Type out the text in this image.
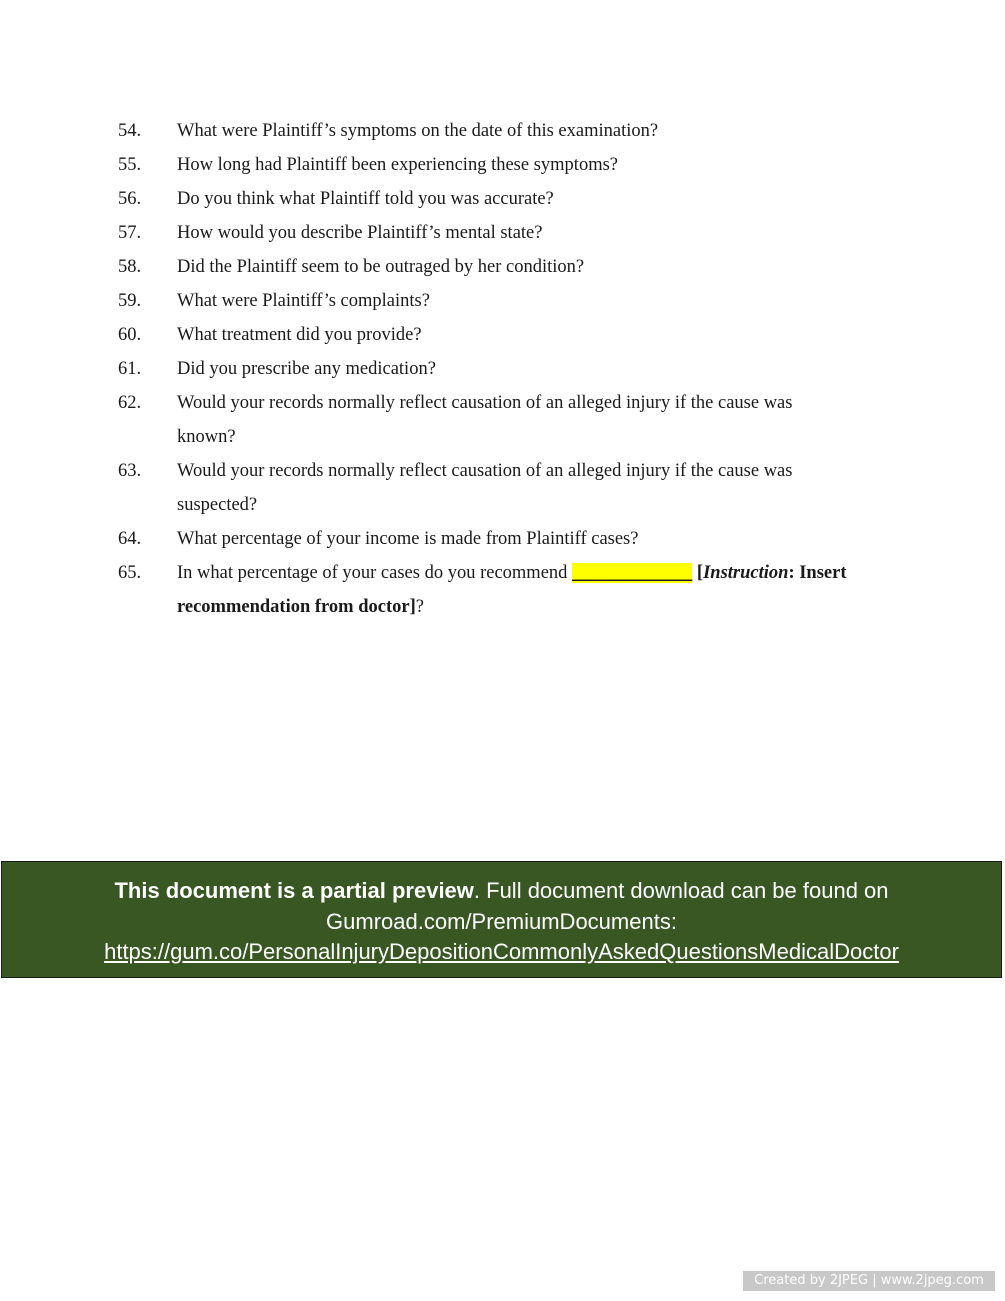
54.	What were Plaintiff’s symptoms on the date of this examination?
55.	How long had Plaintiff been experiencing these symptoms?
56.	Do you think what Plaintiff told you was accurate?
57.	How would you describe Plaintiff’s mental state?
58.	Did the Plaintiff seem to be outraged by her condition?
59.	What were Plaintiff’s complaints?
60.	What treatment did you provide?
61.	Did you prescribe any medication?
62.	Would your records normally reflect causation of an alleged injury if the cause was known?
63.	Would your records normally reflect causation of an alleged injury if the cause was suspected?
64.	What percentage of your income is made from Plaintiff cases?
65.	In what percentage of your cases do you recommend _____________ [Instruction: Insert recommendation from doctor]?
This document is a partial preview. Full document download can be found on Gumroad.com/PremiumDocuments:
https://gum.co/PersonalInjuryDepositionCommonlyAskedQuestionsMedicalDoctor
Created by 2JPEG | www.2jpeg.com
